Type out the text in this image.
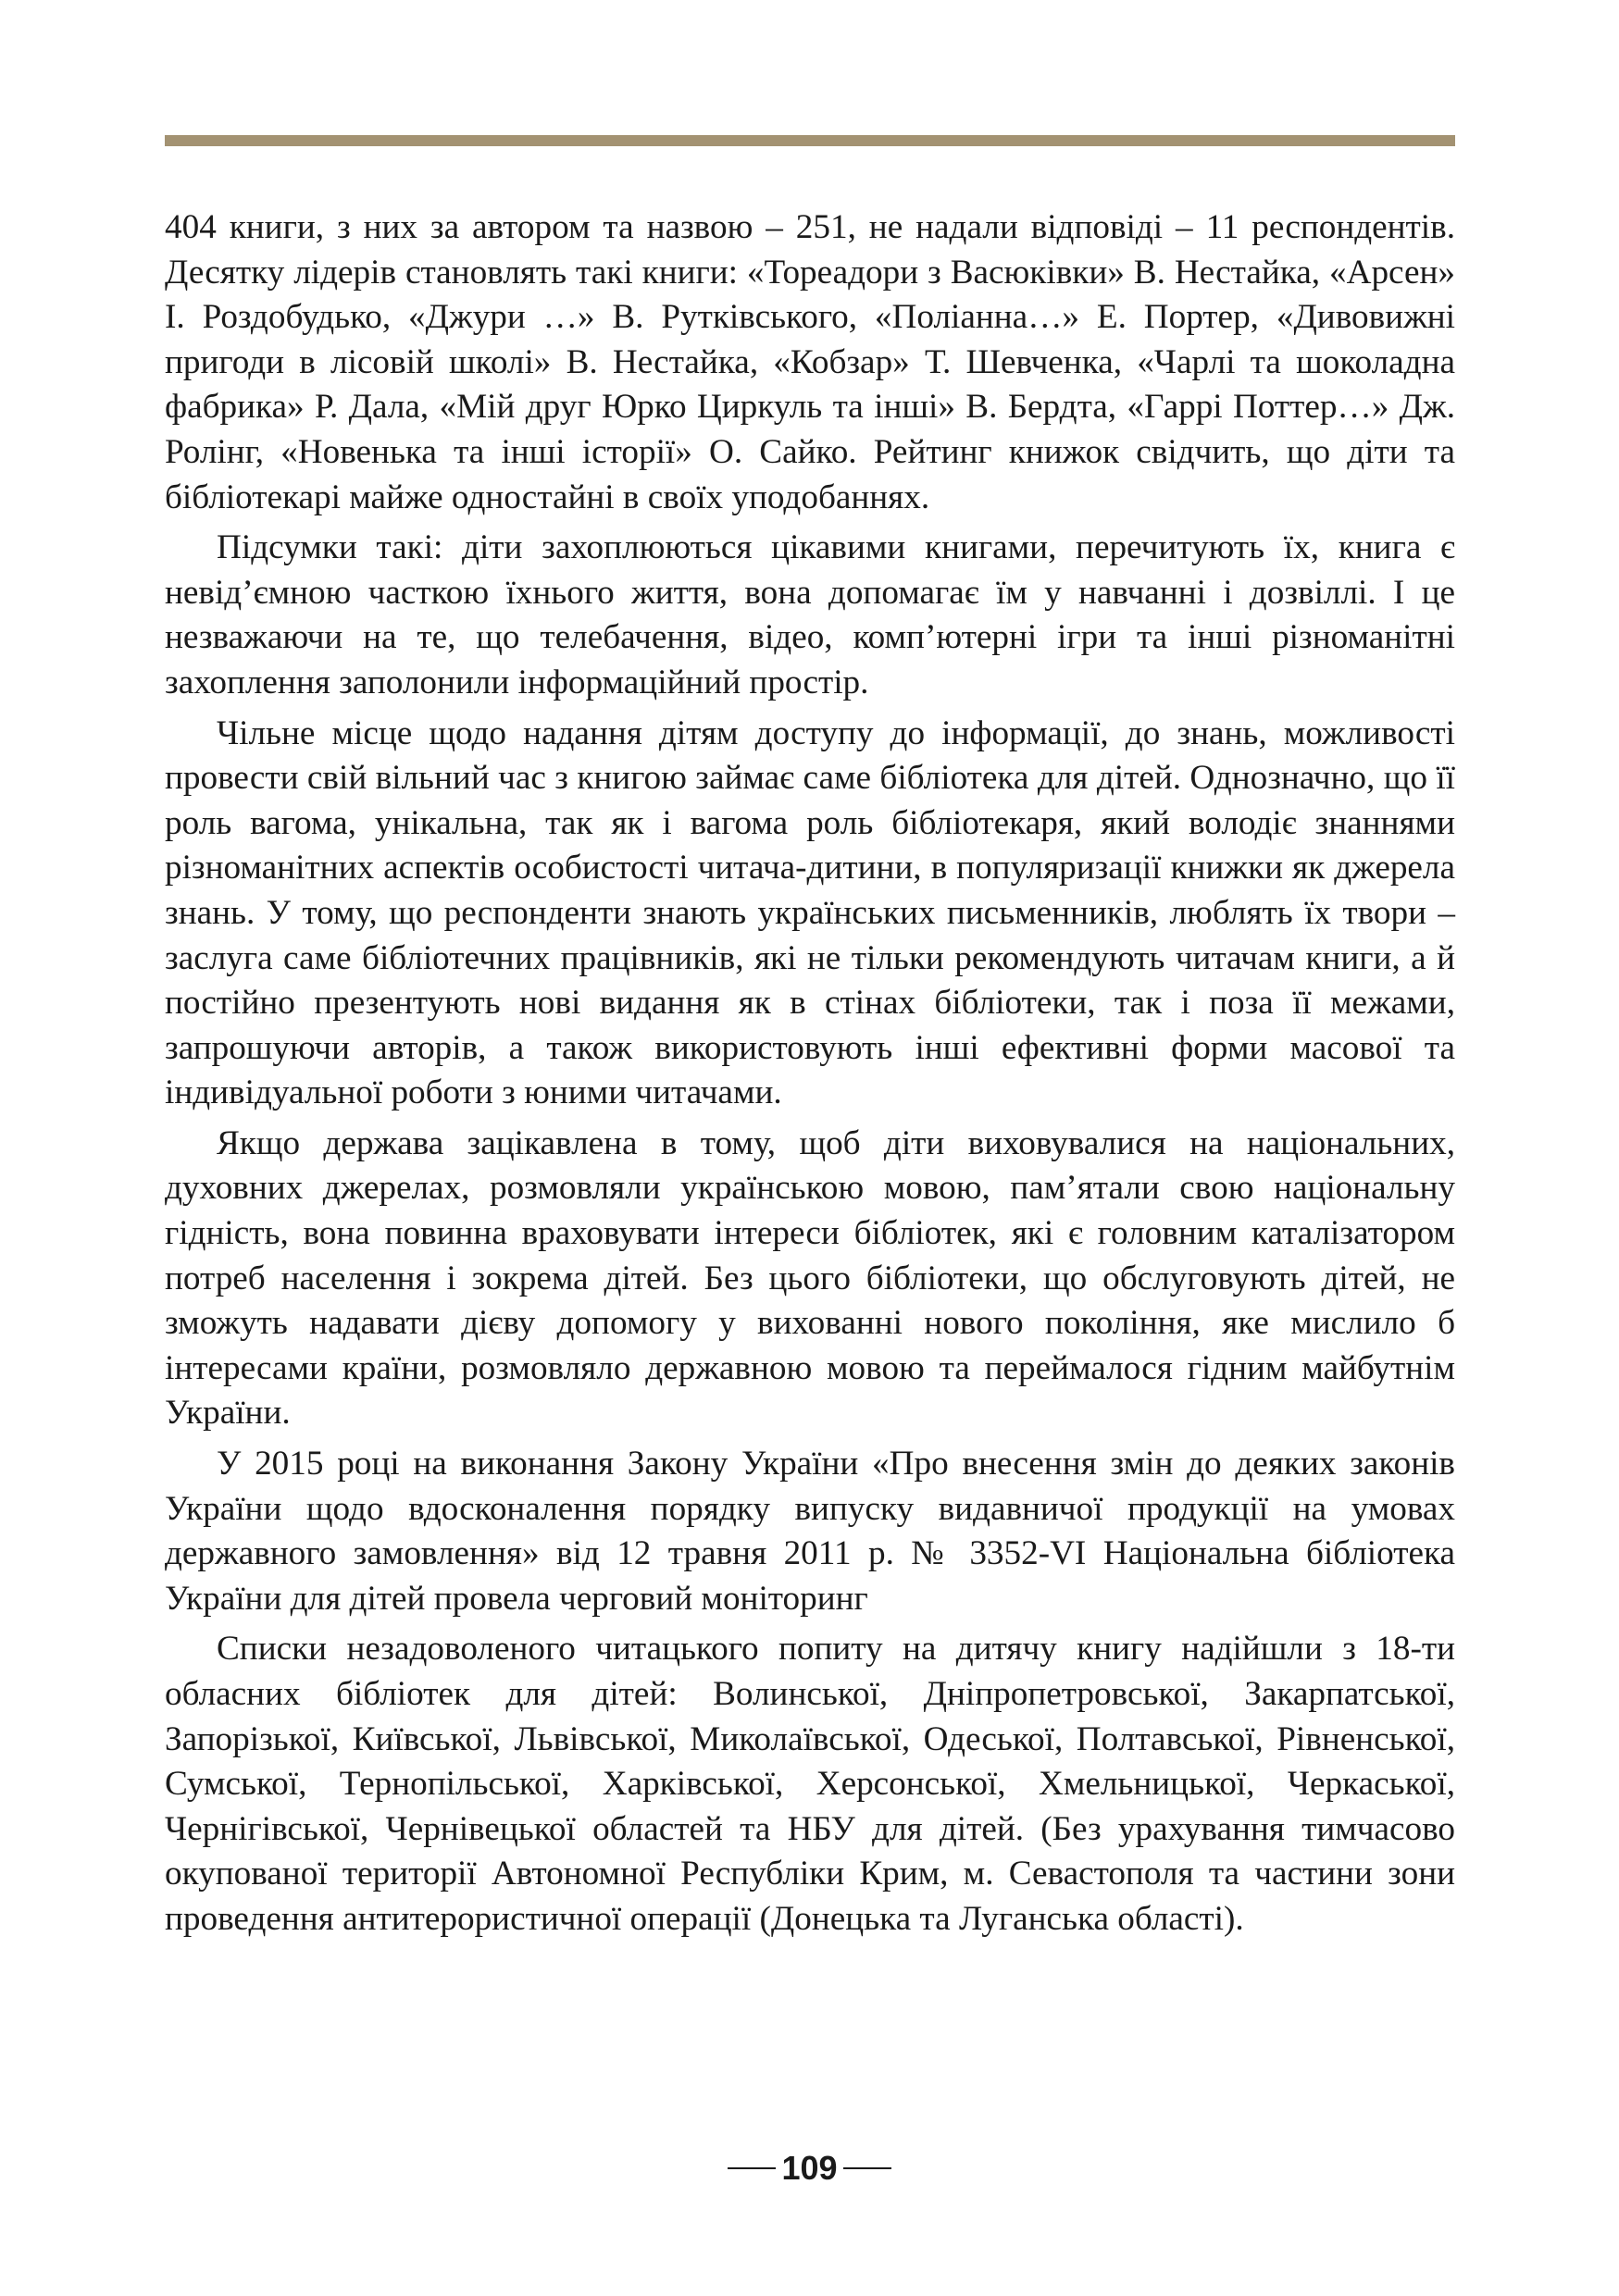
404 книги, з них за автором та назвою – 251, не надали відповіді – 11 респондентів. Десятку лідерів становлять такі книги: «Тореадори з Васюківки» В. Нестайка, «Арсен» І. Роздобудько, «Джури …» В. Рутківського, «Поліанна…» Е. Портер, «Дивовижні пригоди в лісовій школі» В. Нестайка, «Кобзар» Т. Шевченка, «Чарлі та шоколадна фабрика» Р. Дала, «Мій друг Юрко Циркуль та інші» В. Бердта, «Гаррі Поттер…» Дж. Ролінг, «Новенька та інші історії» О. Сайко. Рейтинг книжок свідчить, що діти та бібліотекарі майже одностайні в своїх уподобаннях.

Підсумки такі: діти захоплюються цікавими книгами, перечитують їх, книга є невід’ємною часткою їхнього життя, вона допомагає їм у навчанні і дозвіллі. І це незважаючи на те, що телебачення, відео, комп’ютерні ігри та інші різноманітні захоплення заполонили інформаційний простір.

Чільне місце щодо надання дітям доступу до інформації, до знань, можливості провести свій вільний час з книгою займає саме бібліотека для дітей. Однозначно, що її роль вагома, унікальна, так як і вагома роль бібліотекаря, який володіє знаннями різноманітних аспектів особистості читача-дитини, в популяризації книжки як джерела знань. У тому, що респонденти знають українських письменників, люблять їх твори – заслуга саме бібліотечних працівників, які не тільки рекомендують читачам книги, а й постійно презентують нові видання як в стінах бібліотеки, так і поза її межами, запрошуючи авторів, а також використовують інші ефективні форми масової та індивідуальної роботи з юними читачами.

Якщо держава зацікавлена в тому, щоб діти виховувалися на національних, духовних джерелах, розмовляли українською мовою, пам’ятали свою національну гідність, вона повинна враховувати інтереси бібліотек, які є головним каталізатором потреб населення і зокрема дітей. Без цього бібліотеки, що обслуговують дітей, не зможуть надавати дієву допомогу у вихованні нового покоління, яке мислило б інтересами країни, розмовляло державною мовою та переймалося гідним майбутнім України.

У 2015 році на виконання Закону України «Про внесення змін до деяких законів України щодо вдосконалення порядку випуску видавничої продукції на умовах державного замовлення» від 12 травня 2011 р. № 3352-VI Національна бібліотека України для дітей провела черговий моніторинг

Списки незадоволеного читацького попиту на дитячу книгу надійшли з 18-ти обласних бібліотек для дітей: Волинської, Дніпропетровської, Закарпатської, Запорізької, Київської, Львівської, Миколаївської, Одеської, Полтавської, Рівненської, Сумської, Тернопільської, Харківської, Херсонської, Хмельницької, Черкаської, Чернігівської, Чернівецької областей та НБУ для дітей. (Без урахування тимчасово окупованої території Автономної Республіки Крим, м. Севастополя та частини зони проведення антитерористичної операції (Донецька та Луганська області).

109
